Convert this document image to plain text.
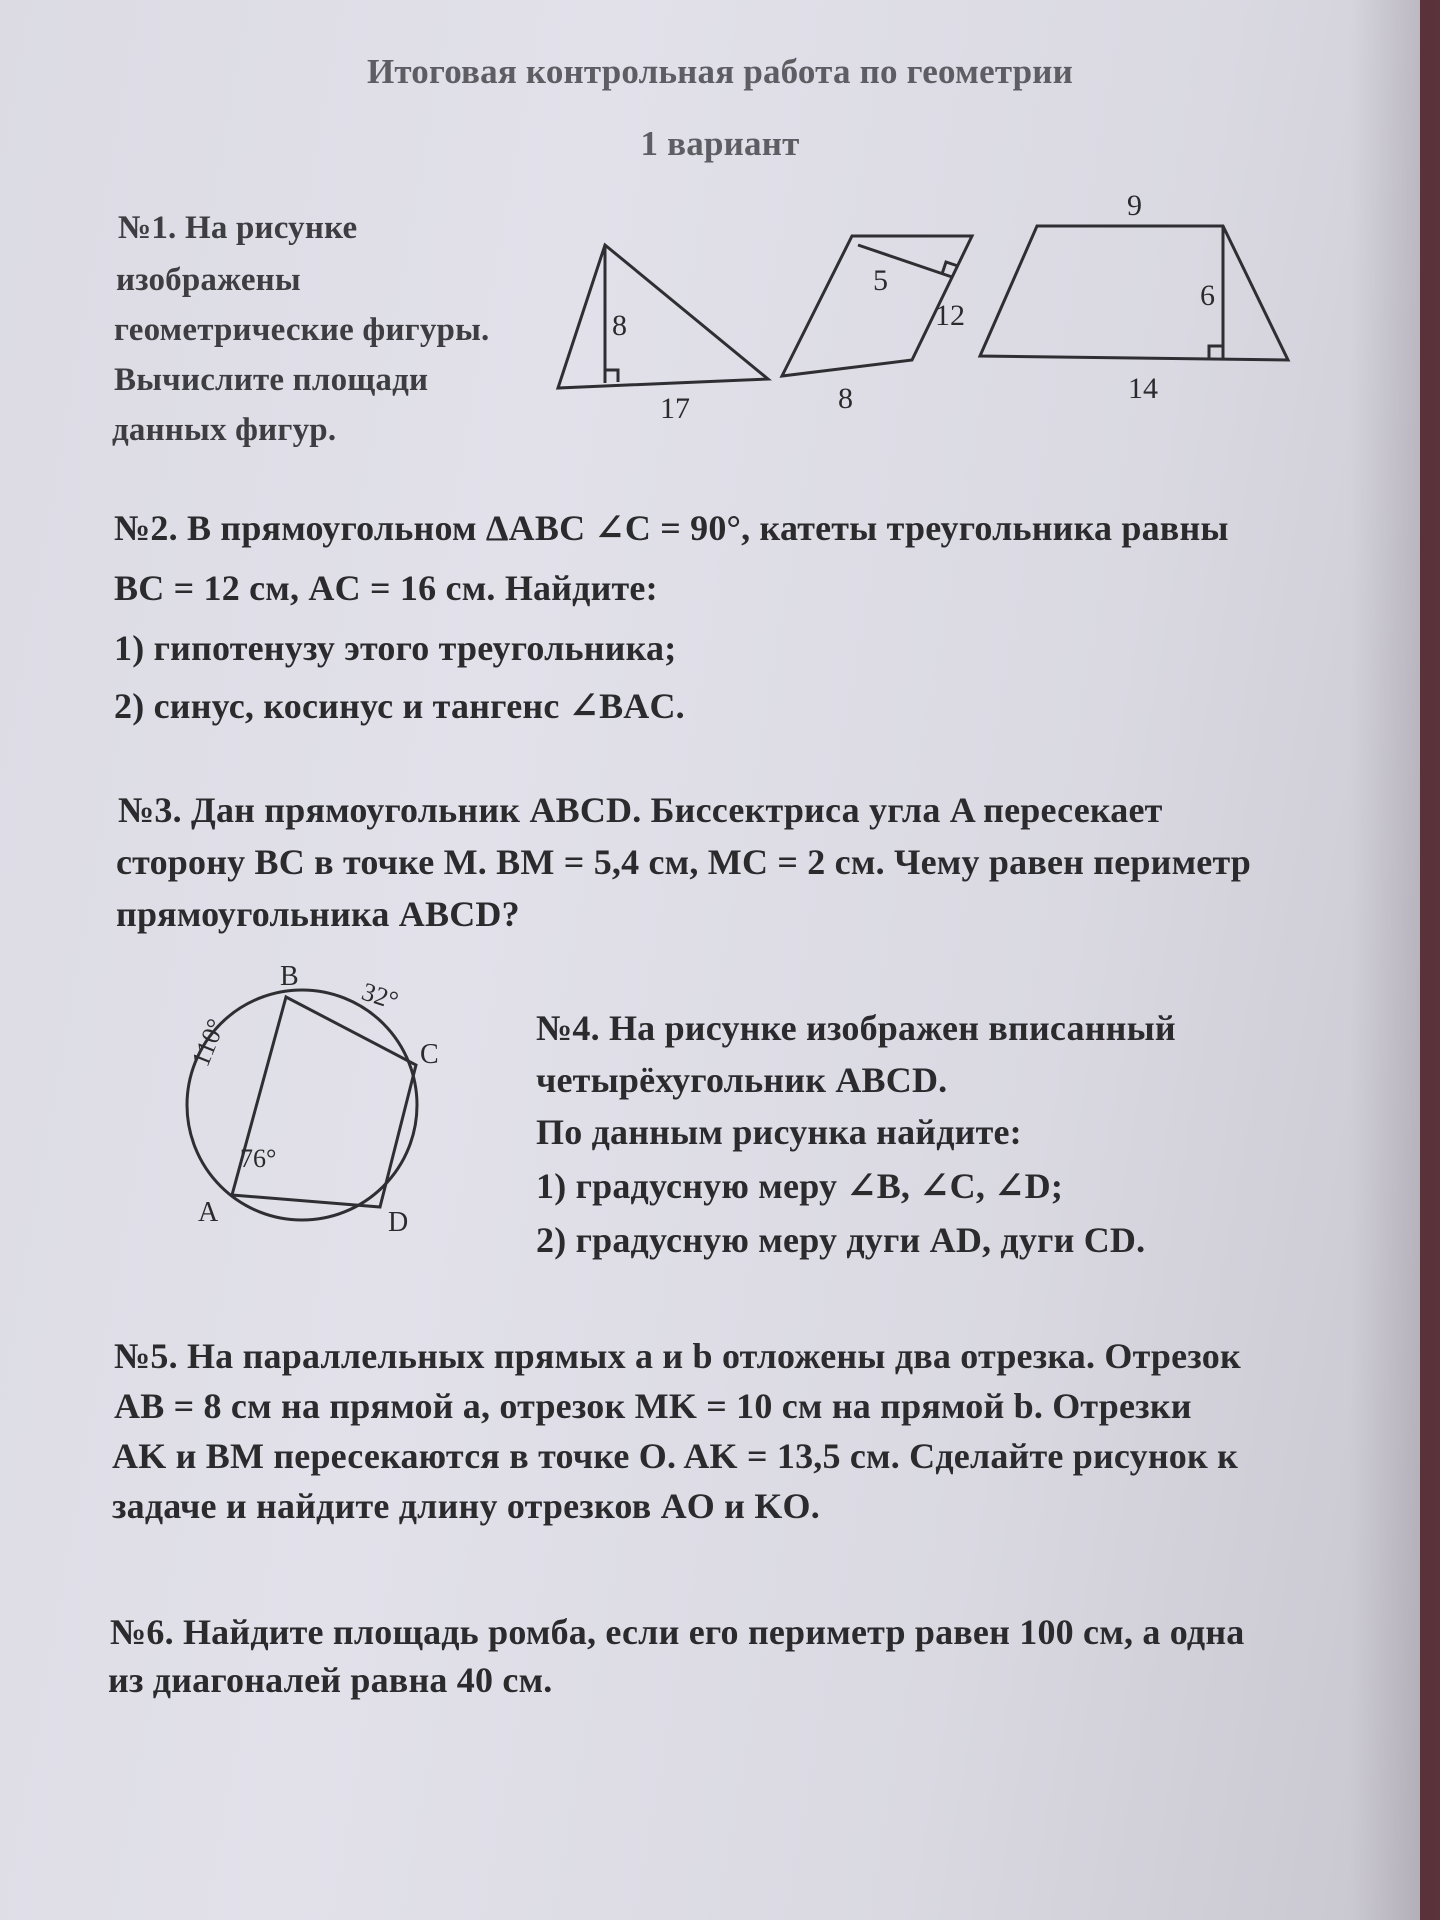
Итоговая контрольная работа по геометрии

1 вариант

№1. На рисунке

изображены

геометрические фигуры.

Вычислите площади

данных фигур.

8
17
5
12
8
9
6
14

№2. В прямоугольном ΔABC ∠C = 90°, катеты треугольника равны

BC = 12 см, AC = 16 см. Найдите:

1) гипотенузу этого треугольника;

2) синус, косинус и тангенс ∠BAC.

№3. Дан прямоугольник ABCD. Биссектриса угла A пересекает

сторону BC в точке M. BM = 5,4 см, MC = 2 см. Чему равен периметр

прямоугольника ABCD?

B
C
A	D
110°
32°
76°

№4. На рисунке изображен вписанный

четырёхугольник ABCD.

По данным рисунка найдите:

1) градусную меру ∠B, ∠C, ∠D;

2) градусную меру дуги AD, дуги CD.

№5. На параллельных прямых a и b отложены два отрезка. Отрезок

AB = 8 см на прямой a, отрезок MK = 10 см на прямой b. Отрезки

AK и BM пересекаются в точке O. AK = 13,5 см. Сделайте рисунок к

задаче и найдите длину отрезков AO и KO.

№6. Найдите площадь ромба, если его периметр равен 100 см, а одна

из диагоналей равна 40 см.
